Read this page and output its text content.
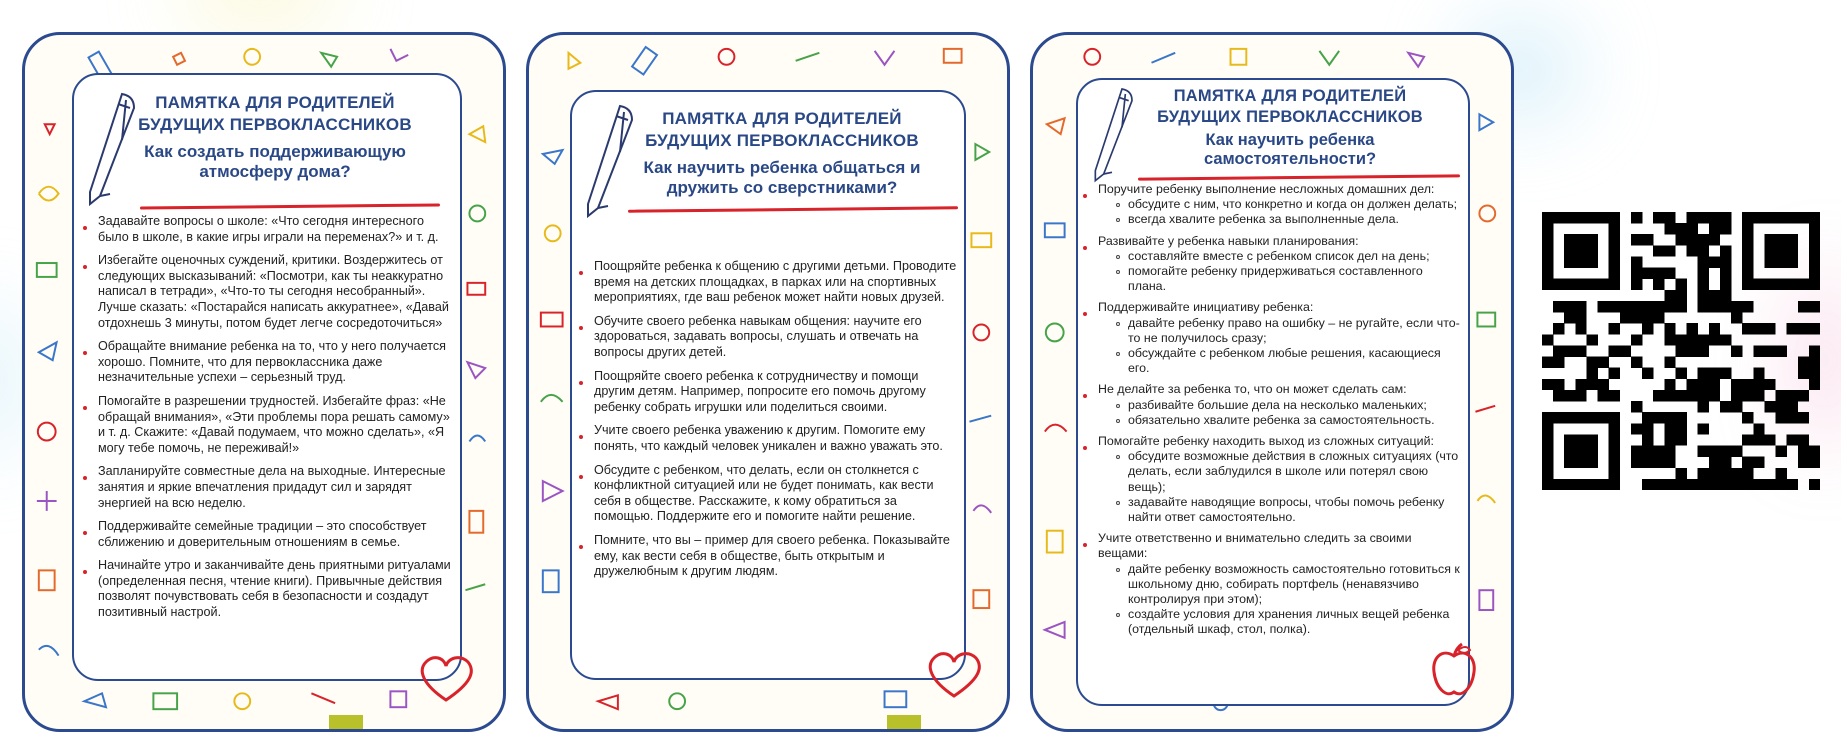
ПАМЯТКА ДЛЯ РОДИТЕЛЕЙ БУДУЩИХ ПЕРВОКЛАССНИКОВ
Как создать поддерживающую атмосферу дома?
Задавайте вопросы о школе: «Что сегодня интересного было в школе, в какие игры играли на переменах?» и т. д.
Избегайте оценочных суждений, критики. Воздержитесь от следующих высказываний: «Посмотри, как ты неаккуратно написал в тетради», «Что-то ты сегодня несобранный». Лучше сказать: «Постарайся написать аккуратнее», «Давай отдохнешь 3 минуты, потом будет легче сосредоточиться»
Обращайте внимание ребенка на то, что у него получается хорошо. Помните, что для первоклассника даже незначительные успехи – серьезный труд.
Помогайте в разрешении трудностей. Избегайте фраз: «Не обращай внимания», «Эти проблемы пора решать самому» и т. д. Скажите: «Давай подумаем, что можно сделать», «Я могу тебе помочь, не переживай!»
Запланируйте совместные дела на выходные. Интересные занятия и яркие впечатления придадут сил и зарядят энергией на всю неделю.
Поддерживайте семейные традиции – это способствует сближению и доверительным отношениям в семье.
Начинайте утро и заканчивайте день приятными ритуалами (определенная песня, чтение книги). Привычные действия позволят почувствовать себя в безопасности и создадут позитивный настрой.
ПАМЯТКА ДЛЯ РОДИТЕЛЕЙ БУДУЩИХ ПЕРВОКЛАССНИКОВ
Как научить ребенка общаться и дружить со сверстниками?
Поощряйте ребенка к общению с другими детьми. Проводите время на детских площадках, в парках или на спортивных мероприятиях, где ваш ребенок может найти новых друзей.
Обучите своего ребенка навыкам общения: научите его здороваться, задавать вопросы, слушать и отвечать на вопросы других детей.
Поощряйте своего ребенка к сотрудничеству и помощи другим детям. Например, попросите его помочь другому ребенку собрать игрушки или поделиться своими.
Учите своего ребенка уважению к другим. Помогите ему понять, что каждый человек уникален и важно уважать это.
Обсудите с ребенком, что делать, если он столкнется с конфликтной ситуацией или не будет понимать, как вести себя в обществе. Расскажите, к кому обратиться за помощью. Поддержите его и помогите найти решение.
Помните, что вы – пример для своего ребенка. Показывайте ему, как вести себя в обществе, быть открытым и дружелюбным к другим людям.
ПАМЯТКА ДЛЯ РОДИТЕЛЕЙ БУДУЩИХ ПЕРВОКЛАССНИКОВ
Как научить ребенка самостоятельности?
Поручите ребенку выполнение несложных домашних дел:
обсудите с ним, что конкретно и когда он должен делать;
всегда хвалите ребенка за выполненные дела.
Развивайте у ребенка навыки планирования:
составляйте вместе с ребенком список дел на день;
помогайте ребенку придерживаться составленного плана.
Поддерживайте инициативу ребенка:
давайте ребенку право на ошибку – не ругайте, если что-то не получилось сразу;
обсуждайте с ребенком любые решения, касающиеся его.
Не делайте за ребенка то, что он может сделать сам:
разбивайте большие дела на несколько маленьких;
обязательно хвалите ребенка за самостоятельность.
Помогайте ребенку находить выход из сложных ситуаций:
обсудите возможные действия в сложных ситуациях (что делать, если заблудился в школе или потерял свою вещь);
задавайте наводящие вопросы, чтобы помочь ребенку найти ответ самостоятельно.
Учите ответственно и внимательно следить за своими вещами:
дайте ребенку возможность самостоятельно готовиться к школьному дню, собирать портфель (ненавязчиво контролируя при этом);
создайте условия для хранения личных вещей ребенка (отдельный шкаф, стол, полка).
